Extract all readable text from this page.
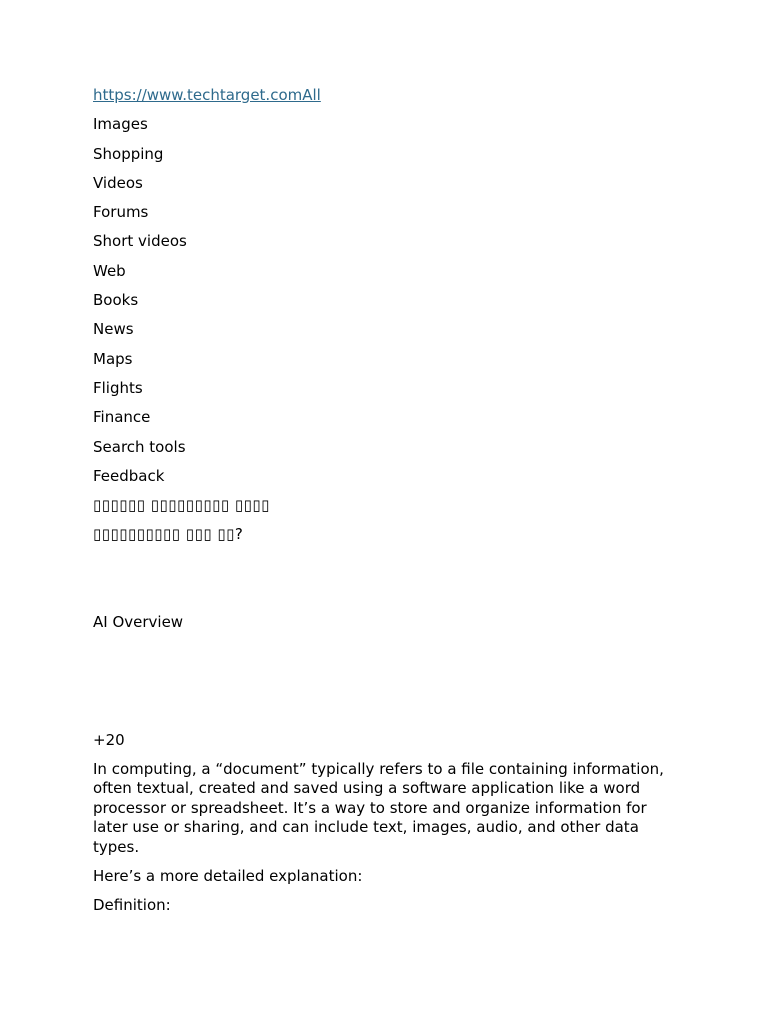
https://www.techtarget.comAll

Images

Shopping

Videos

Forums

Short videos

Web

Books

News

Maps

Flights

Finance

Search tools

Feedback

▯▯▯▯▯▯ ▯▯▯▯▯▯▯▯▯ ▯▯▯▯

▯▯▯▯▯▯▯▯▯▯ ▯▯▯ ▯▯?

AI Overview

+20

In computing, a “document” typically refers to a file containing information, often textual, created and saved using a software application like a word processor or spreadsheet. It’s a way to store and organize information for later use or sharing, and can include text, images, audio, and other data types.

Here’s a more detailed explanation:

Definition:
